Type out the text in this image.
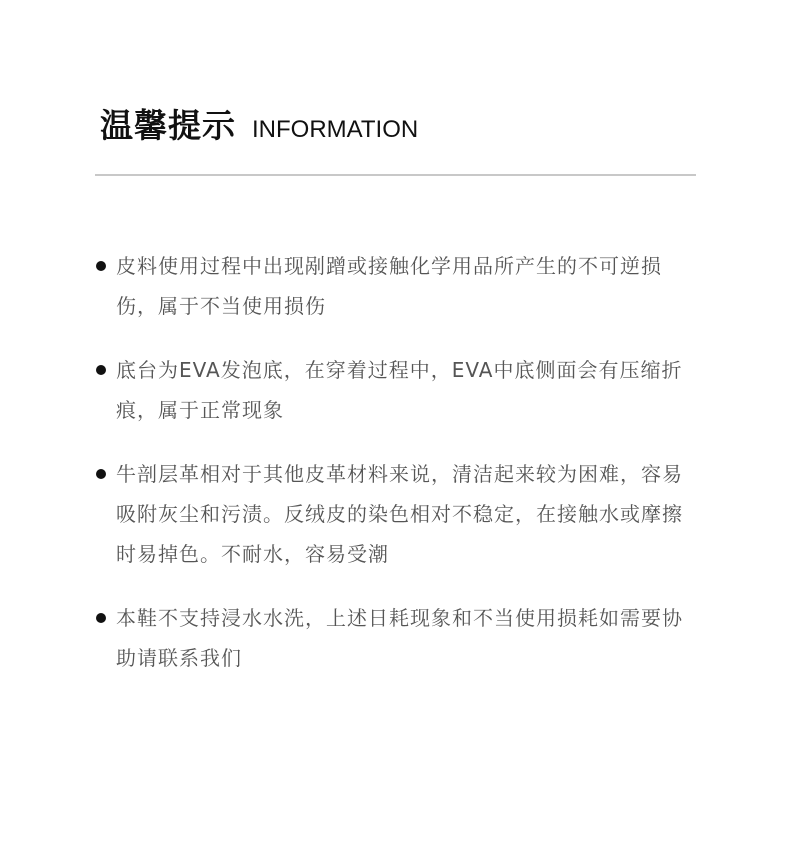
温馨提示 INFORMATION
皮料使用过程中出现剐蹭或接触化学用品所产生的不可逆损伤，属于不当使用损伤
底台为EVA发泡底，在穿着过程中，EVA中底侧面会有压缩折痕，属于正常现象
牛剖层革相对于其他皮革材料来说，清洁起来较为困难，容易吸附灰尘和污渍。反绒皮的染色相对不稳定，在接触水或摩擦时易掉色。不耐水，容易受潮
本鞋不支持浸水水洗，上述日耗现象和不当使用损耗如需要协助请联系我们
